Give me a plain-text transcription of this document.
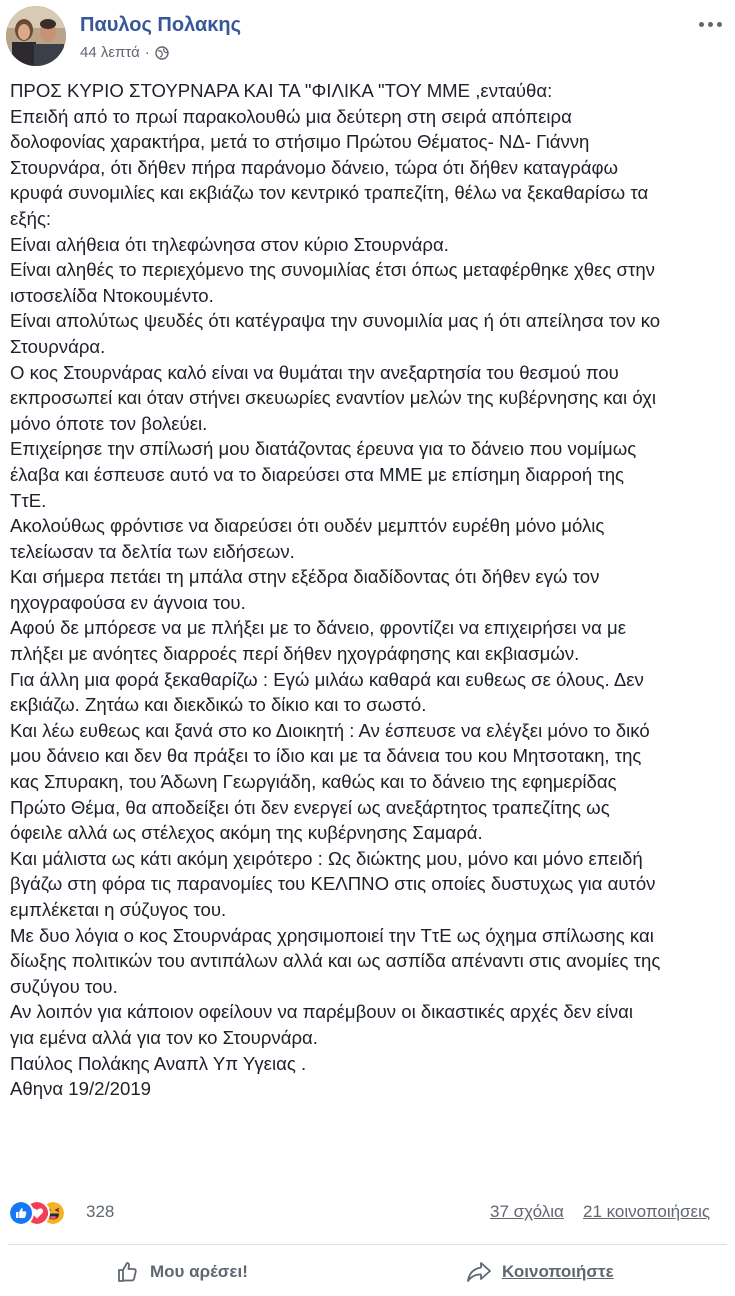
Παυλος Πολακης
44 λεπτά ·
ΠΡΟΣ ΚΥΡΙΟ ΣΤΟΥΡΝΑΡΑ ΚΑΙ ΤΑ "ΦΙΛΙΚΑ "ΤΟΥ ΜΜΕ ,ενταύθα:
Επειδή από το πρωί παρακολουθώ μια δεύτερη στη σειρά απόπειρα
δολοφονίας χαρακτήρα, μετά το στήσιμο Πρώτου Θέματος- ΝΔ- Γιάννη
Στουρνάρα, ότι δήθεν πήρα παράνομο δάνειο, τώρα ότι δήθεν καταγράφω
κρυφά συνομιλίες και εκβιάζω τον κεντρικό τραπεζίτη, θέλω να ξεκαθαρίσω τα
εξής:
Είναι αλήθεια ότι τηλεφώνησα στον κύριο Στουρνάρα.
Είναι αληθές το περιεχόμενο της συνομιλίας έτσι όπως μεταφέρθηκε χθες στην
ιστοσελίδα Ντοκουμέντο.
Είναι απολύτως ψευδές ότι κατέγραψα την συνομιλία μας ή ότι απείλησα τον κο
Στουρνάρα.
Ο κος Στουρνάρας καλό είναι να θυμάται την ανεξαρτησία του θεσμού που
εκπροσωπεί και όταν στήνει σκευωρίες εναντίον μελών της κυβέρνησης και όχι
μόνο όποτε τον βολεύει.
Επιχείρησε την σπίλωσή μου διατάζοντας έρευνα για το δάνειο που νομίμως
έλαβα και έσπευσε αυτό να το διαρεύσει στα ΜΜΕ με επίσημη διαρροή της
ΤτΕ.
Ακολούθως φρόντισε να διαρεύσει ότι ουδέν μεμπτόν ευρέθη μόνο μόλις
τελείωσαν τα δελτία των ειδήσεων.
Και σήμερα πετάει τη μπάλα στην εξέδρα διαδίδοντας ότι δήθεν εγώ τον
ηχογραφούσα εν άγνοια του.
Αφού δε μπόρεσε να με πλήξει με το δάνειο, φροντίζει να επιχειρήσει να με
πλήξει με ανόητες διαρροές περί δήθεν ηχογράφησης και εκβιασμών.
Για άλλη μια φορά ξεκαθαρίζω : Εγώ μιλάω καθαρά και ευθεως σε όλους. Δεν
εκβιάζω. Ζητάω και διεκδικώ το δίκιο και το σωστό.
Και λέω ευθεως και ξανά στο κο Διοικητή : Αν έσπευσε να ελέγξει μόνο το δικό
μου δάνειο και δεν θα πράξει το ίδιο και με τα δάνεια του κου Μητσοτακη, της
κας Σπυρακη, του Άδωνη Γεωργιάδη, καθώς και το δάνειο της εφημερίδας
Πρώτο Θέμα, θα αποδείξει ότι δεν ενεργεί ως ανεξάρτητος τραπεζίτης ως
όφειλε αλλά ως στέλεχος ακόμη της κυβέρνησης Σαμαρά.
Και μάλιστα ως κάτι ακόμη χειρότερο : Ως διώκτης μου, μόνο και μόνο επειδή
βγάζω στη φόρα τις παρανομίες του ΚΕΛΠΝΟ στις οποίες δυστυχως για αυτόν
εμπλέκεται η σύζυγος του.
Με δυο λόγια ο κος Στουρνάρας χρησιμοποιεί την ΤτΕ ως όχημα σπίλωσης και
δίωξης πολιτικών του αντιπάλων αλλά και ως ασπίδα απέναντι στις ανομίες της
συζύγου του.
Αν λοιπόν για κάποιον οφείλουν να παρέμβουν οι δικαστικές αρχές δεν είναι
για εμένα αλλά για τον κο Στουρνάρα.
Παύλος Πολάκης Αναπλ Υπ Υγειας .
Αθηνα 19/2/2019
328	37 σχόλια 21 κοινοποιήσεις
Μου αρέσει!	Κοινοποιήστε
